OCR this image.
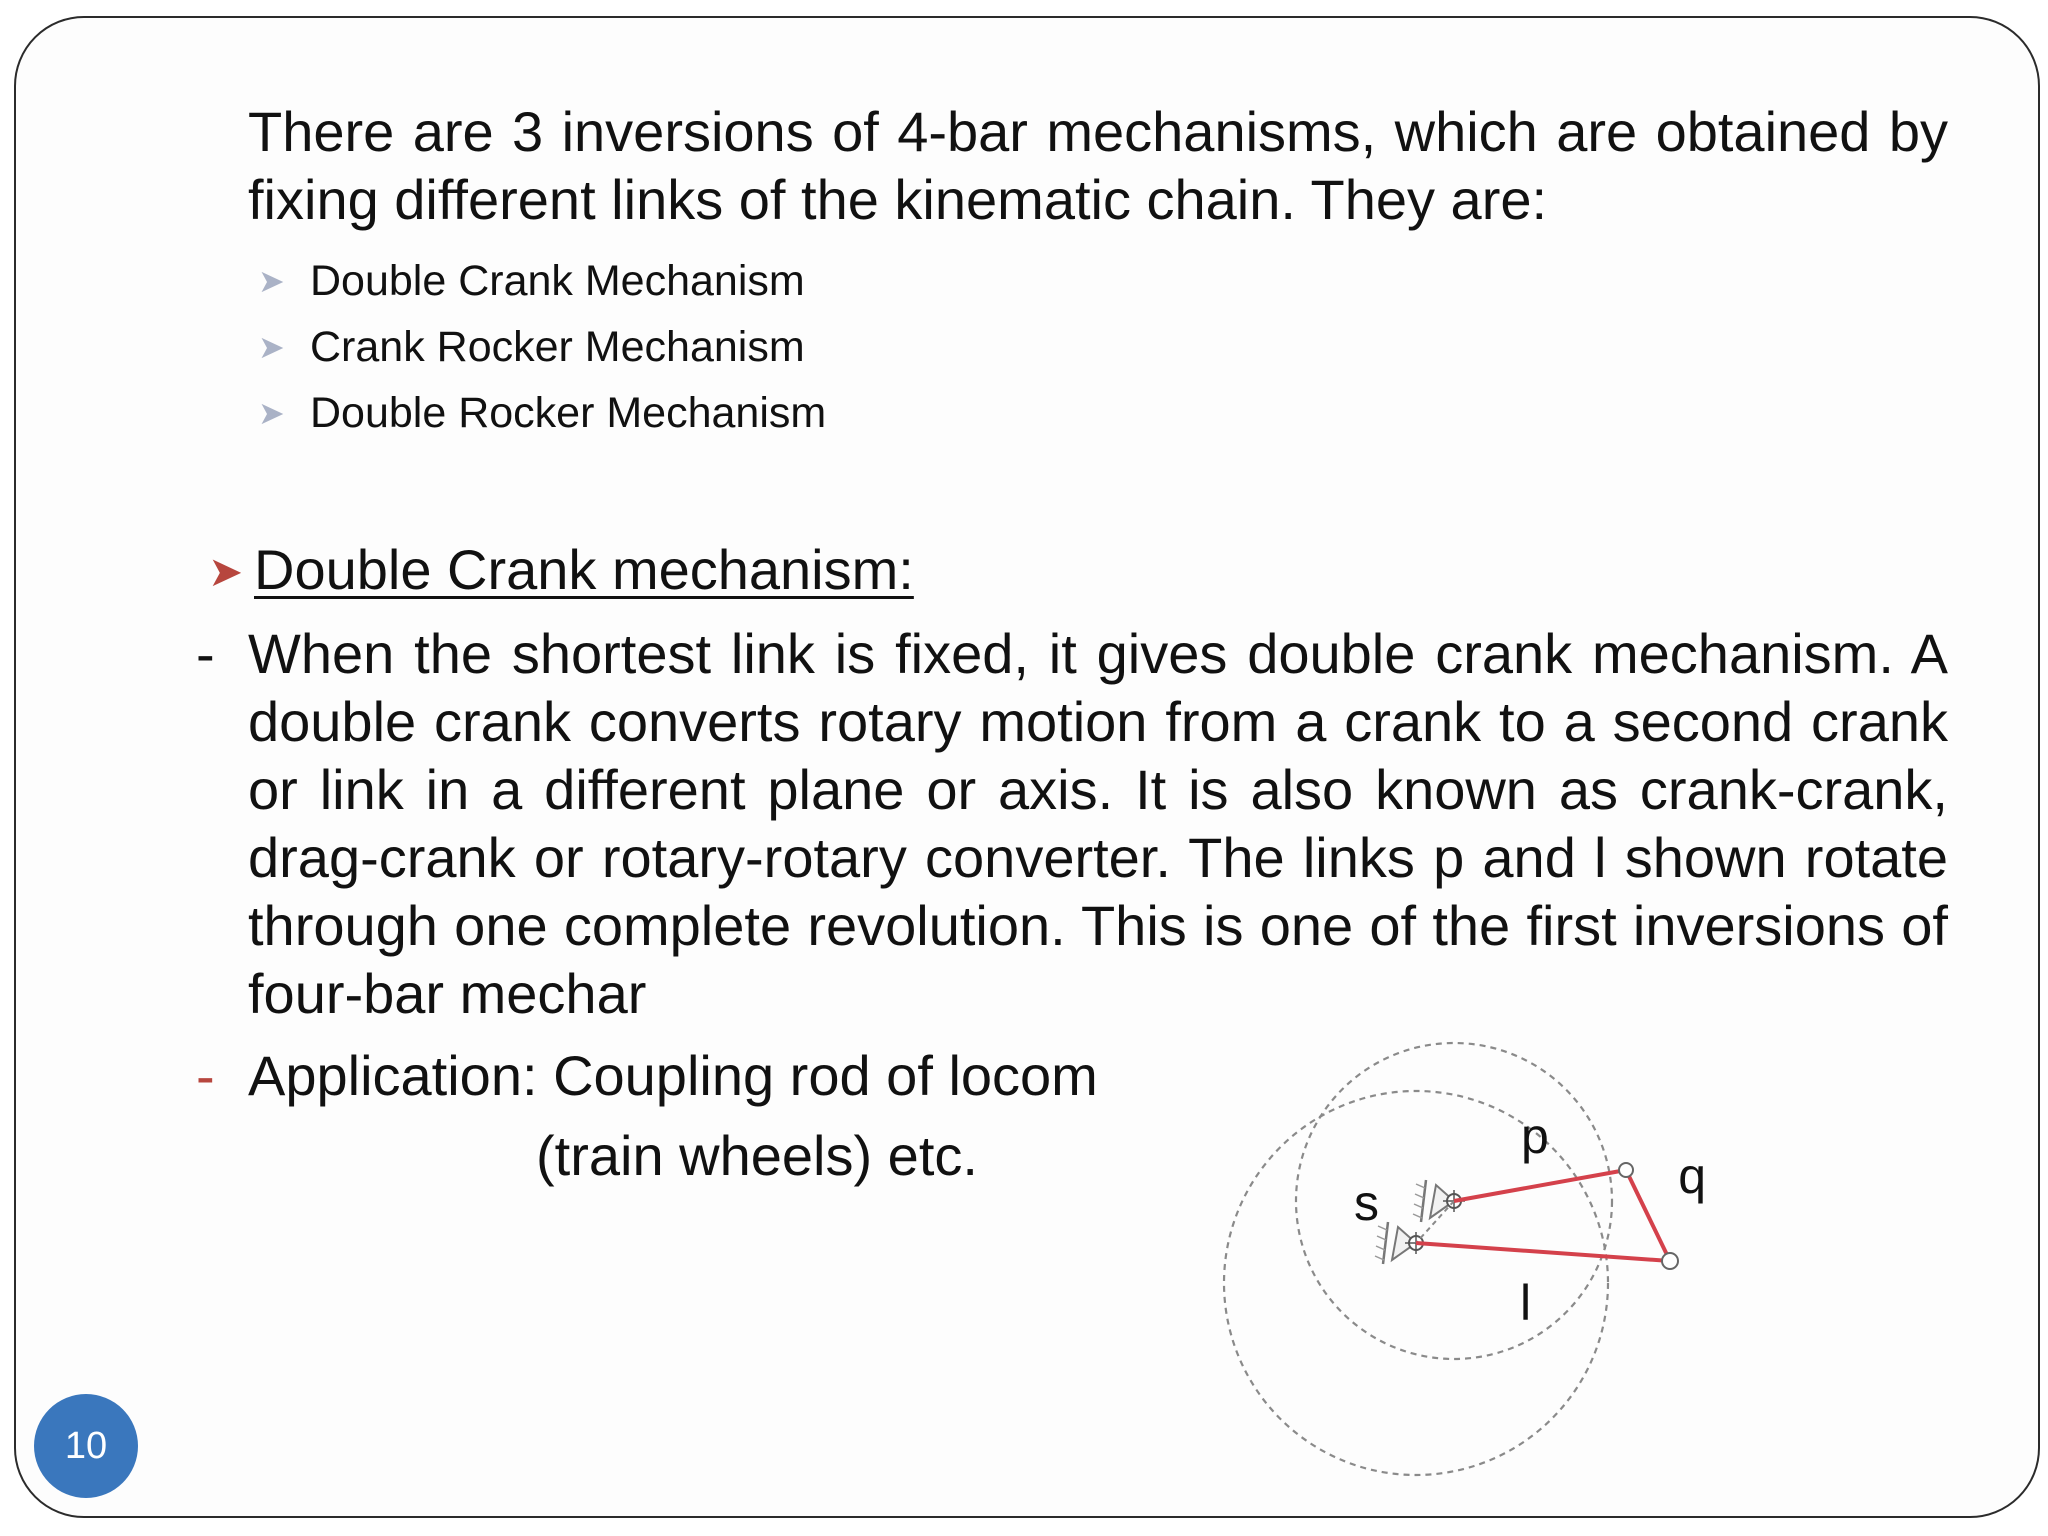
There are 3 inversions of 4-bar mechanisms, which are obtained by fixing different links of the kinematic chain. They are:

➤ Double Crank Mechanism
➤ Crank Rocker Mechanism
➤ Double Rocker Mechanism
➤ Double Crank mechanism:
- When the shortest link is fixed, it gives double crank mechanism. A double crank converts rotary motion from a crank to a second crank or link in a different plane or axis. It is also known as crank-crank, drag-crank or rotary-rotary converter. The links p and l shown rotate through one complete revolution. This is one of the first inversions of four-bar mechar

- Application: Coupling rod of locom

(train wheels) etc.	p
q
s
l
10
